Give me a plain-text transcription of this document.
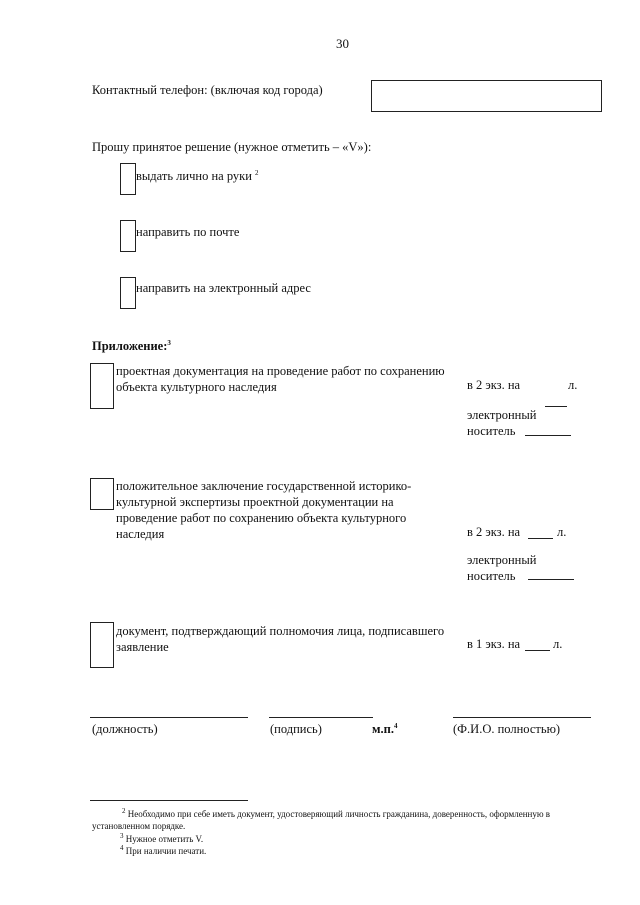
30
Контактный телефон: (включая код города)
Прошу принятое решение (нужное отметить – «V»):
выдать лично на руки $^2$
направить по почте
направить на электронный адрес
Приложение:$^3$
проектная документация на проведение работ по сохранению
объекта культурного наследия	в 2 экз. на	л.
электронный
носитель
положительное заключение государственной историко-
культурной экспертизы проектной документации на
проведение работ по сохранению объекта культурного
наследия	в 2 экз. на	л.
электронный
носитель
документ, подтверждающий полномочия лица, подписавшего
заявление	в 1 экз. на	л.
(должность)	(подпись)	м.п.$^4$	(Ф.И.О. полностью)
$^2$ Необходимо при себе иметь документ, удостоверяющий личность гражданина, доверенность, оформленную в
установленном порядке.
$^3$ Нужное отметить V.
$^4$ При наличии печати.
